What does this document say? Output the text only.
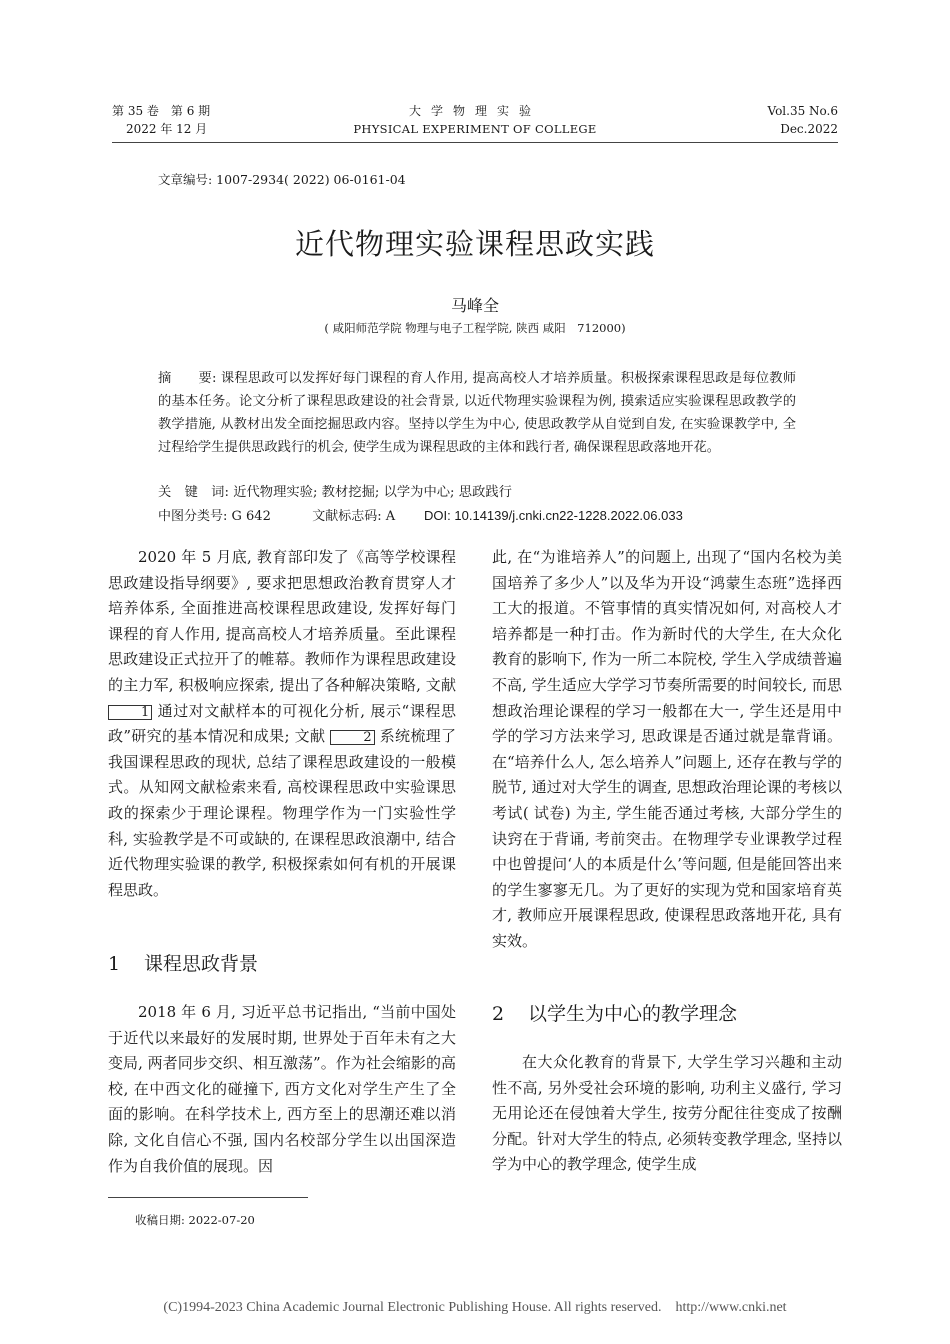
第 35 卷　第 6 期
2022 年 12 月
大学物理实验
PHYSICAL EXPERIMENT OF COLLEGE
Vol.35 No.6
Dec.2022
文章编号: 1007-2934( 2022) 06-0161-04
近代物理实验课程思政实践
马峰全
( 咸阳师范学院 物理与电子工程学院, 陕西 咸阳　712000)
摘　　要: 课程思政可以发挥好每门课程的育人作用, 提高高校人才培养质量。积极探索课程思政是每位教师的基本任务。论文分析了课程思政建设的社会背景, 以近代物理实验课程为例, 摸索适应实验课程思政教学的教学措施, 从教材出发全面挖掘思政内容。坚持以学生为中心, 使思政教学从自觉到自发, 在实验课教学中, 全过程给学生提供思政践行的机会, 使学生成为课程思政的主体和践行者, 确保课程思政落地开花。
关　键　词: 近代物理实验; 教材挖掘; 以学为中心; 思政践行
中图分类号: G 642	文献标志码: A DOI: 10.14139/j.cnki.cn22-1228.2022.06.033

2020 年 5 月底, 教育部印发了《高等学校课程思政建设指导纲要》, 要求把思想政治教育贯穿人才培养体系, 全面推进高校课程思政建设, 发挥好每门课程的育人作用, 提高高校人才培养质量。至此课程思政建设正式拉开了的帷幕。教师作为课程思政建设的主力军, 积极响应探索, 提出了各种解决策略, 文献 1 通过对文献样本的可视化分析, 展示“课程思政”研究的基本情况和成果; 文献	2 系统梳理了我国课程思政的现状, 总结了课程思政建设的一般模式。从知网文献检索来看, 高校课程思政中实验课思政的探索少于理论课程。物理学作为一门实验性学科, 实验教学是不可或缺的, 在课程思政浪潮中, 结合近代物理实验课的教学, 积极探索如何有机的开展课程思政。

1 课程思政背景

2018 年 6 月, 习近平总书记指出, “当前中国处于近代以来最好的发展时期, 世界处于百年未有之大变局, 两者同步交织、相互激荡”。作为社会缩影的高校, 在中西文化的碰撞下, 西方文化对学生产生了全面的影响。在科学技术上, 西方至上的思潮还难以消除, 文化自信心不强, 国内名校部分学生以出国深造作为自我价值的展现。因

此, 在“为谁培养人”的问题上, 出现了“国内名校为美国培养了多少人”以及华为开设“鸿蒙生态班”选择西工大的报道。不管事情的真实情况如何, 对高校人才培养都是一种打击。作为新时代的大学生, 在大众化教育的影响下, 作为一所二本院校, 学生入学成绩普遍不高, 学生适应大学学习节奏所需要的时间较长, 而思想政治理论课程的学习一般都在大一, 学生还是用中学的学习方法来学习, 思政课是否通过就是靠背诵。在“培养什么人, 怎么培养人”问题上, 还存在教与学的脱节, 通过对大学生的调查, 思想政治理论课的考核以考试( 试卷) 为主, 学生能否通过考核, 大部分学生的诀窍在于背诵, 考前突击。在物理学专业课教学过程中也曾提问‘人的本质是什么’等问题, 但是能回答出来的学生寥寥无几。为了更好的实现为党和国家培育英才, 教师应开展课程思政, 使课程思政落地开花, 具有实效。

2 以学生为中心的教学理念

在大众化教育的背景下, 大学生学习兴趣和主动性不高, 另外受社会环境的影响, 功利主义盛行, 学习无用论还在侵蚀着大学生, 按劳分配往往变成了按酬分配。针对大学生的特点, 必须转变教学理念, 坚持以学为中心的教学理念, 使学生成

收稿日期: 2022-07-20
(C)1994-2023 China Academic Journal Electronic Publishing House. All rights reserved.　http://www.cnki.net
